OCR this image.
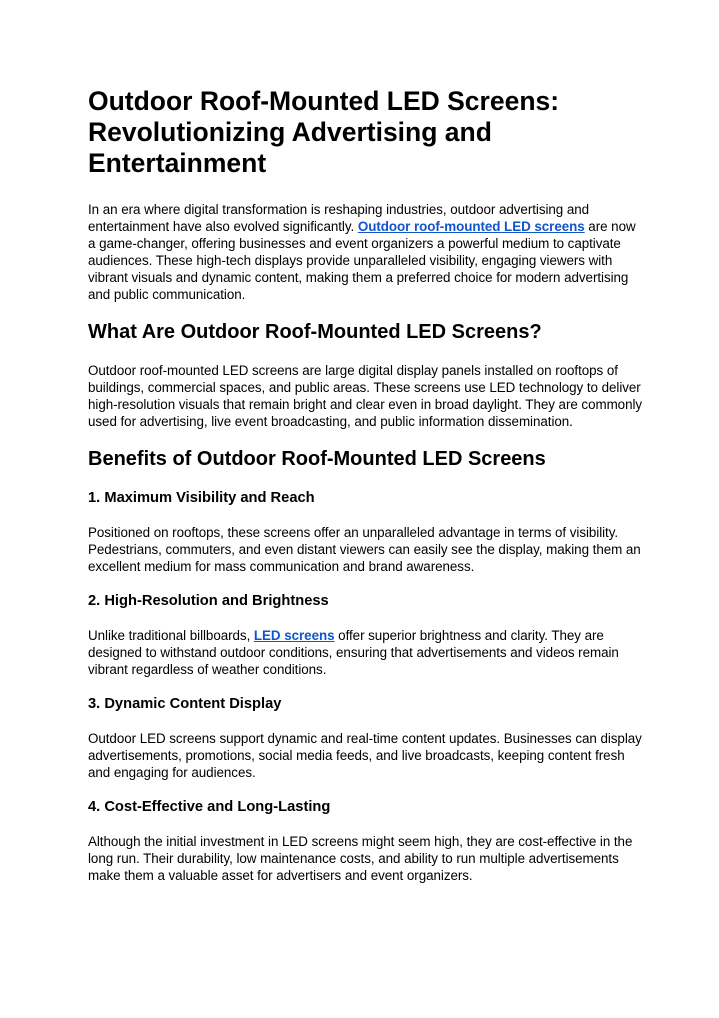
Outdoor Roof-Mounted LED Screens: Revolutionizing Advertising and Entertainment

In an era where digital transformation is reshaping industries, outdoor advertising and entertainment have also evolved significantly. Outdoor roof-mounted LED screens are now a game-changer, offering businesses and event organizers a powerful medium to captivate audiences. These high-tech displays provide unparalleled visibility, engaging viewers with vibrant visuals and dynamic content, making them a preferred choice for modern advertising and public communication.

What Are Outdoor Roof-Mounted LED Screens?

Outdoor roof-mounted LED screens are large digital display panels installed on rooftops of buildings, commercial spaces, and public areas. These screens use LED technology to deliver high-resolution visuals that remain bright and clear even in broad daylight. They are commonly used for advertising, live event broadcasting, and public information dissemination.

Benefits of Outdoor Roof-Mounted LED Screens
1. Maximum Visibility and Reach

Positioned on rooftops, these screens offer an unparalleled advantage in terms of visibility. Pedestrians, commuters, and even distant viewers can easily see the display, making them an excellent medium for mass communication and brand awareness.

2. High-Resolution and Brightness

Unlike traditional billboards, LED screens offer superior brightness and clarity. They are designed to withstand outdoor conditions, ensuring that advertisements and videos remain vibrant regardless of weather conditions.

3. Dynamic Content Display

Outdoor LED screens support dynamic and real-time content updates. Businesses can display advertisements, promotions, social media feeds, and live broadcasts, keeping content fresh and engaging for audiences.

4. Cost-Effective and Long-Lasting

Although the initial investment in LED screens might seem high, they are cost-effective in the long run. Their durability, low maintenance costs, and ability to run multiple advertisements make them a valuable asset for advertisers and event organizers.
